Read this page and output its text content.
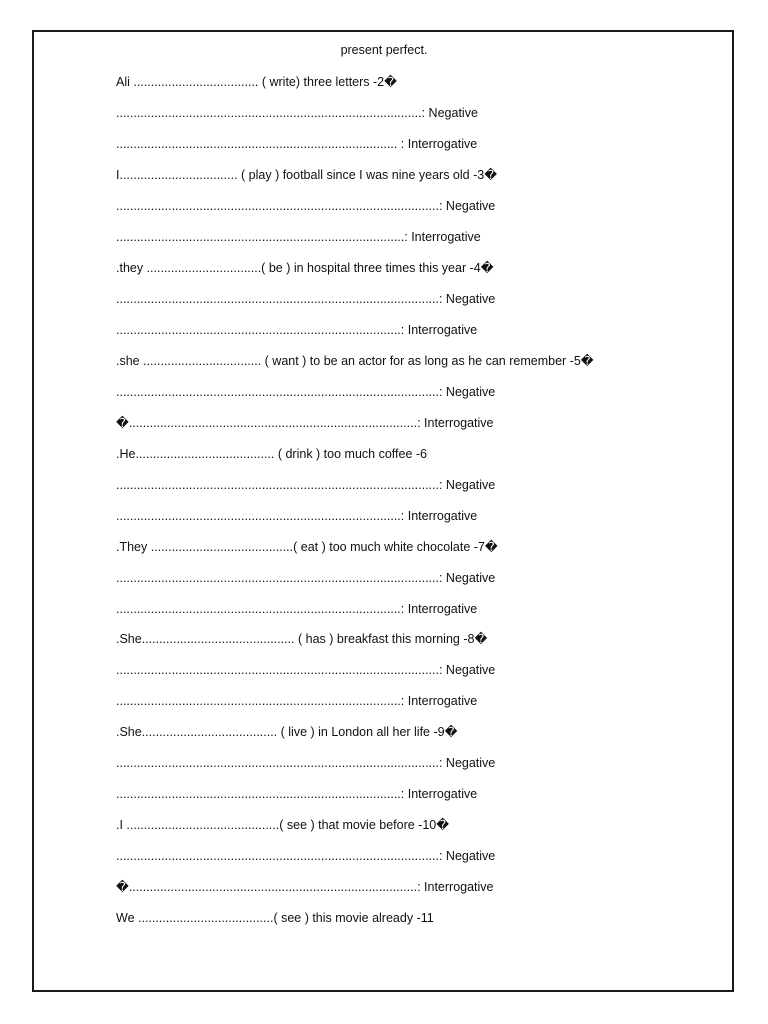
present perfect.
Ali .................................... ( write) three letters -2�
........................................................................................: Negative
................................................................................. : Interrogative
I.................................. ( play ) football since I was nine years old -3�
.............................................................................................: Negative
...................................................................................: Interrogative
.they .................................( be ) in hospital three times this year -4�
.............................................................................................: Negative
..................................................................................: Interrogative
.she .................................. ( want ) to be an actor for as long as he can remember -5�
.............................................................................................: Negative
�...................................................................................: Interrogative
.He........................................ ( drink ) too much coffee -6
.............................................................................................: Negative
..................................................................................: Interrogative
.They .........................................( eat ) too much white chocolate -7�
.............................................................................................: Negative
..................................................................................: Interrogative
.She............................................ ( has ) breakfast this morning -8�
.............................................................................................: Negative
..................................................................................: Interrogative
.She....................................... ( live ) in London all her life -9�
.............................................................................................: Negative
..................................................................................: Interrogative
.I ............................................( see ) that movie before -10�
.............................................................................................: Negative
�...................................................................................: Interrogative
We .......................................( see ) this movie already -11
